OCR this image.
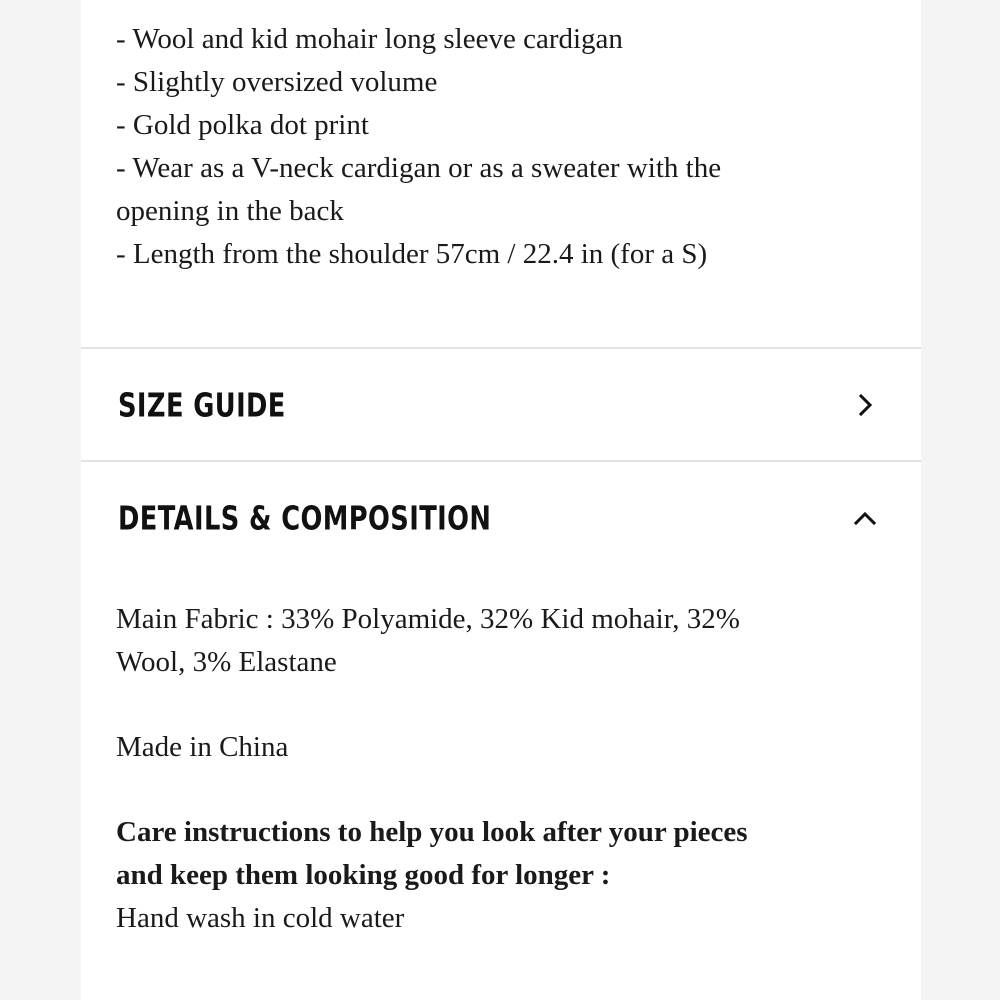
- Wool and kid mohair long sleeve cardigan
- Slightly oversized volume
- Gold polka dot print
- Wear as a V-neck cardigan or as a sweater with the
opening in the back
- Length from the shoulder 57cm / 22.4 in (for a S)
SIZE GUIDE
DETAILS & COMPOSITION
Main Fabric : 33% Polyamide, 32% Kid mohair, 32%
Wool, 3% Elastane
Made in China
Care instructions to help you look after your pieces
and keep them looking good for longer :
Hand wash in cold water
